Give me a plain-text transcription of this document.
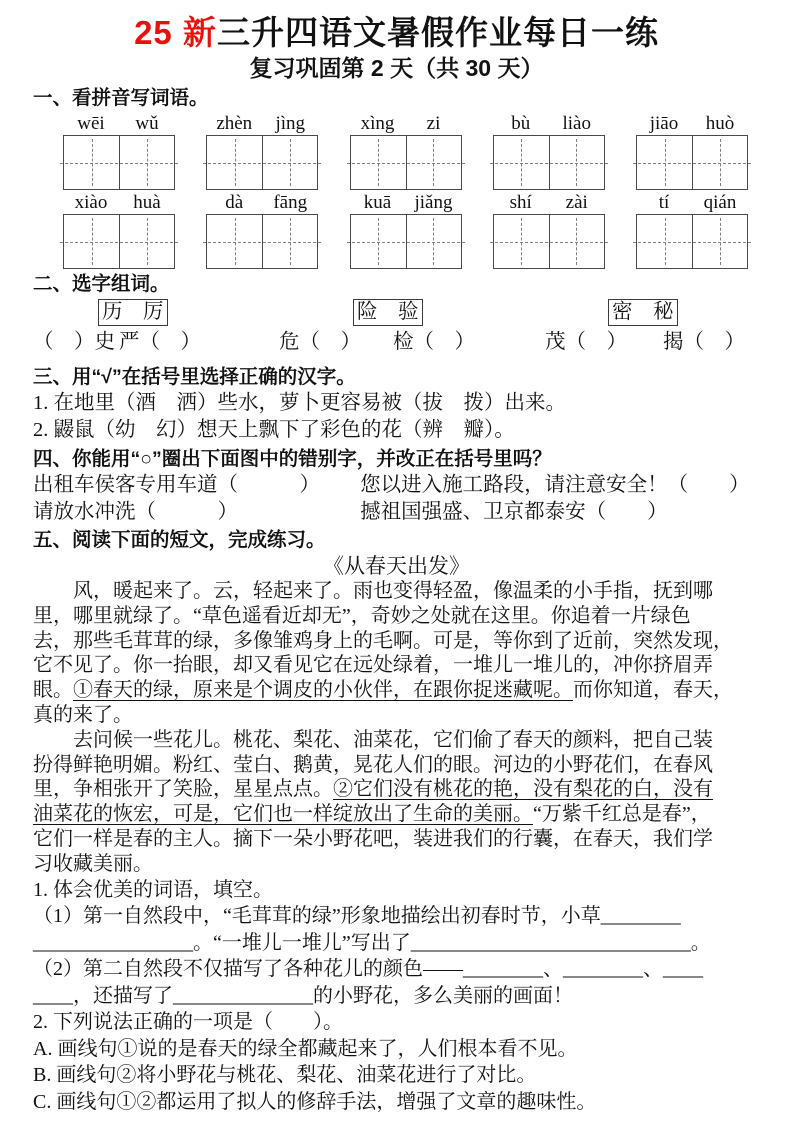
25 新三升四语文暑假作业每日一练
复习巩固第 2 天（共 30 天）
一、看拼音写词语。
wēi	wǔ	zhèn	jìng	xìng	zi	bù	liào	jiāo	huò
xiào	huà	dà	fāng	kuā	jiǎng	shí	zài	tí	qián
二、选字组词。
历　厉	险　验	密　秘
（　）史 严（　）	危（　） 检（　）	茂（　） 揭（　）
三、用“√”在括号里选择正确的汉字。
1. 在地里（酒　洒）些水，萝卜更容易被（拔　拨）出来。
2. 鼹鼠（幼　幻）想天上飘下了彩色的花（辨　瓣）。
四、你能用“○”圈出下面图中的错别字，并改正在括号里吗？
出租车侯客专用车道（　　　）	您以进入施工路段，请注意安全！（　　）
请放水冲洗（　　　）	撼祖国强盛、卫京都泰安（　　）
五、阅读下面的短文，完成练习。
《从春天出发》
　　风，暖起来了。云，轻起来了。雨也变得轻盈，像温柔的小手指，抚到哪
里，哪里就绿了。“草色遥看近却无”，奇妙之处就在这里。你追着一片绿色
去，那些毛茸茸的绿，多像雏鸡身上的毛啊。可是，等你到了近前，突然发现，
它不见了。你一抬眼，却又看见它在远处绿着，一堆儿一堆儿的，冲你挤眉弄
眼。①春天的绿，原来是个调皮的小伙伴，在跟你捉迷藏呢。而你知道，春天，
真的来了。
　　去问候一些花儿。桃花、梨花、油菜花，它们偷了春天的颜料，把自己装
扮得鲜艳明媚。粉红、莹白、鹅黄，晃花人们的眼。河边的小野花们，在春风
里，争相张开了笑脸，星星点点。②它们没有桃花的艳，没有梨花的白，没有
油菜花的恢宏，可是，它们也一样绽放出了生命的美丽。“万紫千红总是春”，
它们一样是春的主人。摘下一朵小野花吧，装进我们的行囊，在春天，我们学
习收藏美丽。
1. 体会优美的词语，填空。
（1）第一自然段中，“毛茸茸的绿”形象地描绘出初春时节，小草________
________________。“一堆儿一堆儿”写出了____________________________。
（2）第二自然段不仅描写了各种花儿的颜色——________、________、____
____，还描写了______________的小野花，多么美丽的画面！
2. 下列说法正确的一项是（　　）。
A. 画线句①说的是春天的绿全都藏起来了，人们根本看不见。
B. 画线句②将小野花与桃花、梨花、油菜花进行了对比。
C. 画线句①②都运用了拟人的修辞手法，增强了文章的趣味性。
